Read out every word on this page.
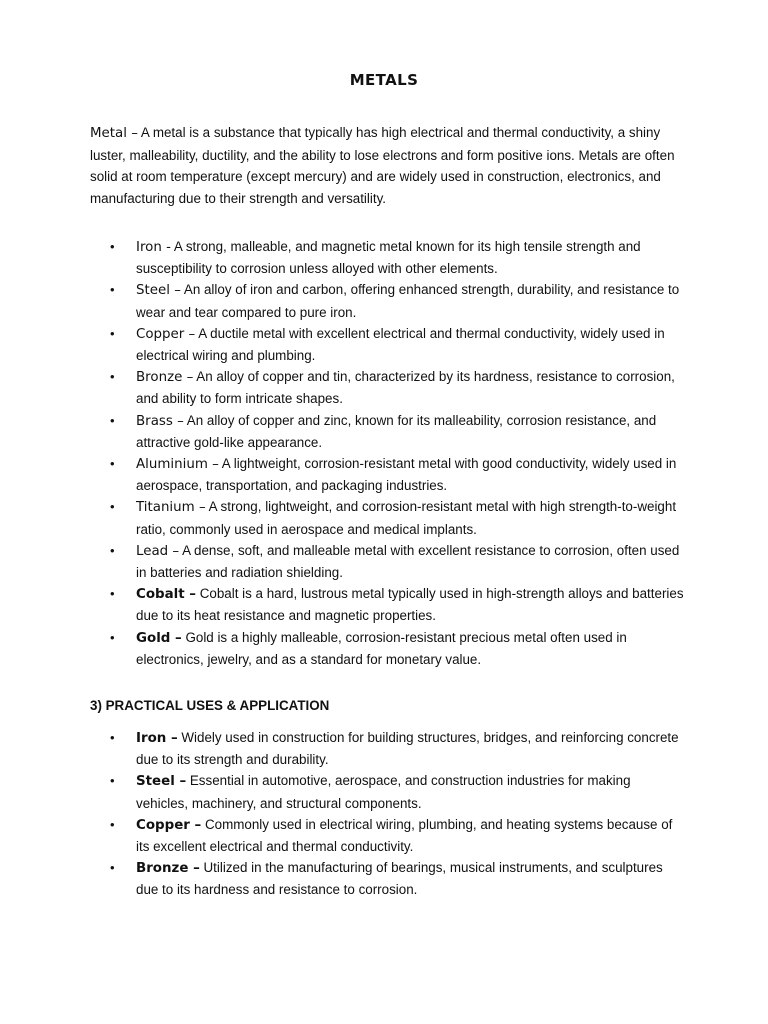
METALS

Metal – A metal is a substance that typically has high electrical and thermal conductivity, a shiny luster, malleability, ductility, and the ability to lose electrons and form positive ions. Metals are often solid at room temperature (except mercury) and are widely used in construction, electronics, and manufacturing due to their strength and versatility.

• Iron - A strong, malleable, and magnetic metal known for its high tensile strength and susceptibility to corrosion unless alloyed with other elements.
• Steel – An alloy of iron and carbon, offering enhanced strength, durability, and resistance to wear and tear compared to pure iron.
• Copper – A ductile metal with excellent electrical and thermal conductivity, widely used in electrical wiring and plumbing.
• Bronze – An alloy of copper and tin, characterized by its hardness, resistance to corrosion, and ability to form intricate shapes.
• Brass – An alloy of copper and zinc, known for its malleability, corrosion resistance, and attractive gold-like appearance.
• Aluminium – A lightweight, corrosion-resistant metal with good conductivity, widely used in aerospace, transportation, and packaging industries.
• Titanium – A strong, lightweight, and corrosion-resistant metal with high strength-to-weight ratio, commonly used in aerospace and medical implants.
• Lead – A dense, soft, and malleable metal with excellent resistance to corrosion, often used in batteries and radiation shielding.
• Cobalt – Cobalt is a hard, lustrous metal typically used in high-strength alloys and batteries due to its heat resistance and magnetic properties.
• Gold – Gold is a highly malleable, corrosion-resistant precious metal often used in electronics, jewelry, and as a standard for monetary value.
3) PRACTICAL USES & APPLICATION
• Iron – Widely used in construction for building structures, bridges, and reinforcing concrete due to its strength and durability.
• Steel – Essential in automotive, aerospace, and construction industries for making vehicles, machinery, and structural components.
• Copper – Commonly used in electrical wiring, plumbing, and heating systems because of its excellent electrical and thermal conductivity.
• Bronze – Utilized in the manufacturing of bearings, musical instruments, and sculptures due to its hardness and resistance to corrosion.
